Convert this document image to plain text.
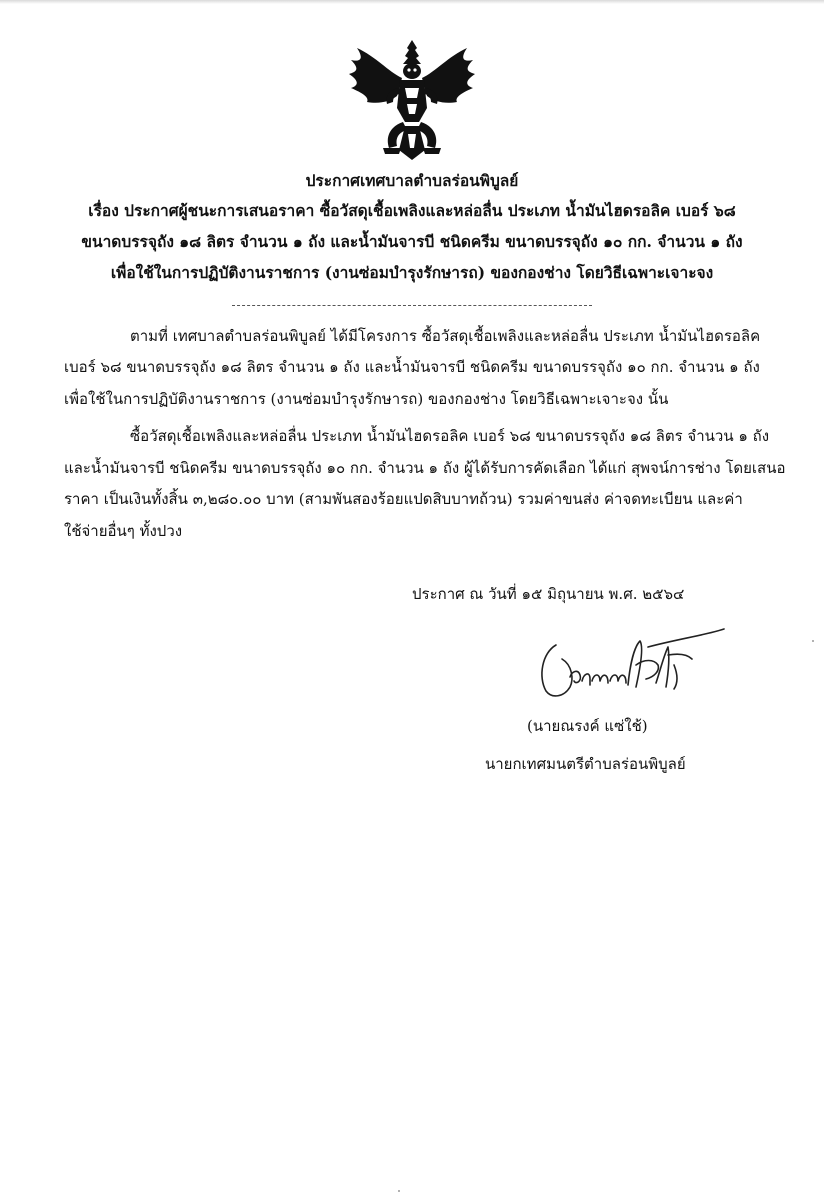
ประกาศเทศบาลตำบลร่อนพิบูลย์
เรื่อง ประกาศผู้ชนะการเสนอราคา ซื้อวัสดุเชื้อเพลิงและหล่อลื่น ประเภท น้ำมันไฮดรอลิค เบอร์ ๖๘
ขนาดบรรจุถัง ๑๘ ลิตร จำนวน ๑ ถัง และน้ำมันจารบี ชนิดครีม ขนาดบรรจุถัง ๑๐ กก. จำนวน ๑ ถัง
เพื่อใช้ในการปฏิบัติงานราชการ (งานซ่อมบำรุงรักษารถ) ของกองช่าง โดยวิธีเฉพาะเจาะจง
ตามที่ เทศบาลตำบลร่อนพิบูลย์ ได้มีโครงการ ซื้อวัสดุเชื้อเพลิงและหล่อลื่น ประเภท น้ำมันไฮดรอลิค
เบอร์ ๖๘ ขนาดบรรจุถัง ๑๘ ลิตร จำนวน ๑ ถัง และน้ำมันจารบี ชนิดครีม ขนาดบรรจุถัง ๑๐ กก. จำนวน ๑ ถัง
เพื่อใช้ในการปฏิบัติงานราชการ (งานซ่อมบำรุงรักษารถ) ของกองช่าง โดยวิธีเฉพาะเจาะจง นั้น
ซื้อวัสดุเชื้อเพลิงและหล่อลื่น ประเภท น้ำมันไฮดรอลิค เบอร์ ๖๘ ขนาดบรรจุถัง ๑๘ ลิตร จำนวน ๑ ถัง
และน้ำมันจารบี ชนิดครีม ขนาดบรรจุถัง ๑๐ กก. จำนวน ๑ ถัง ผู้ได้รับการคัดเลือก ได้แก่ สุพจน์การช่าง โดยเสนอ
ราคา เป็นเงินทั้งสิ้น ๓,๒๘๐.๐๐ บาท (สามพันสองร้อยแปดสิบบาทถ้วน) รวมค่าขนส่ง ค่าจดทะเบียน และค่า
ใช้จ่ายอื่นๆ ทั้งปวง
ประกาศ ณ วันที่ ๑๕ มิถุนายน พ.ศ. ๒๕๖๔
(นายณรงค์ แซ่ใช้)
นายกเทศมนตรีตำบลร่อนพิบูลย์
